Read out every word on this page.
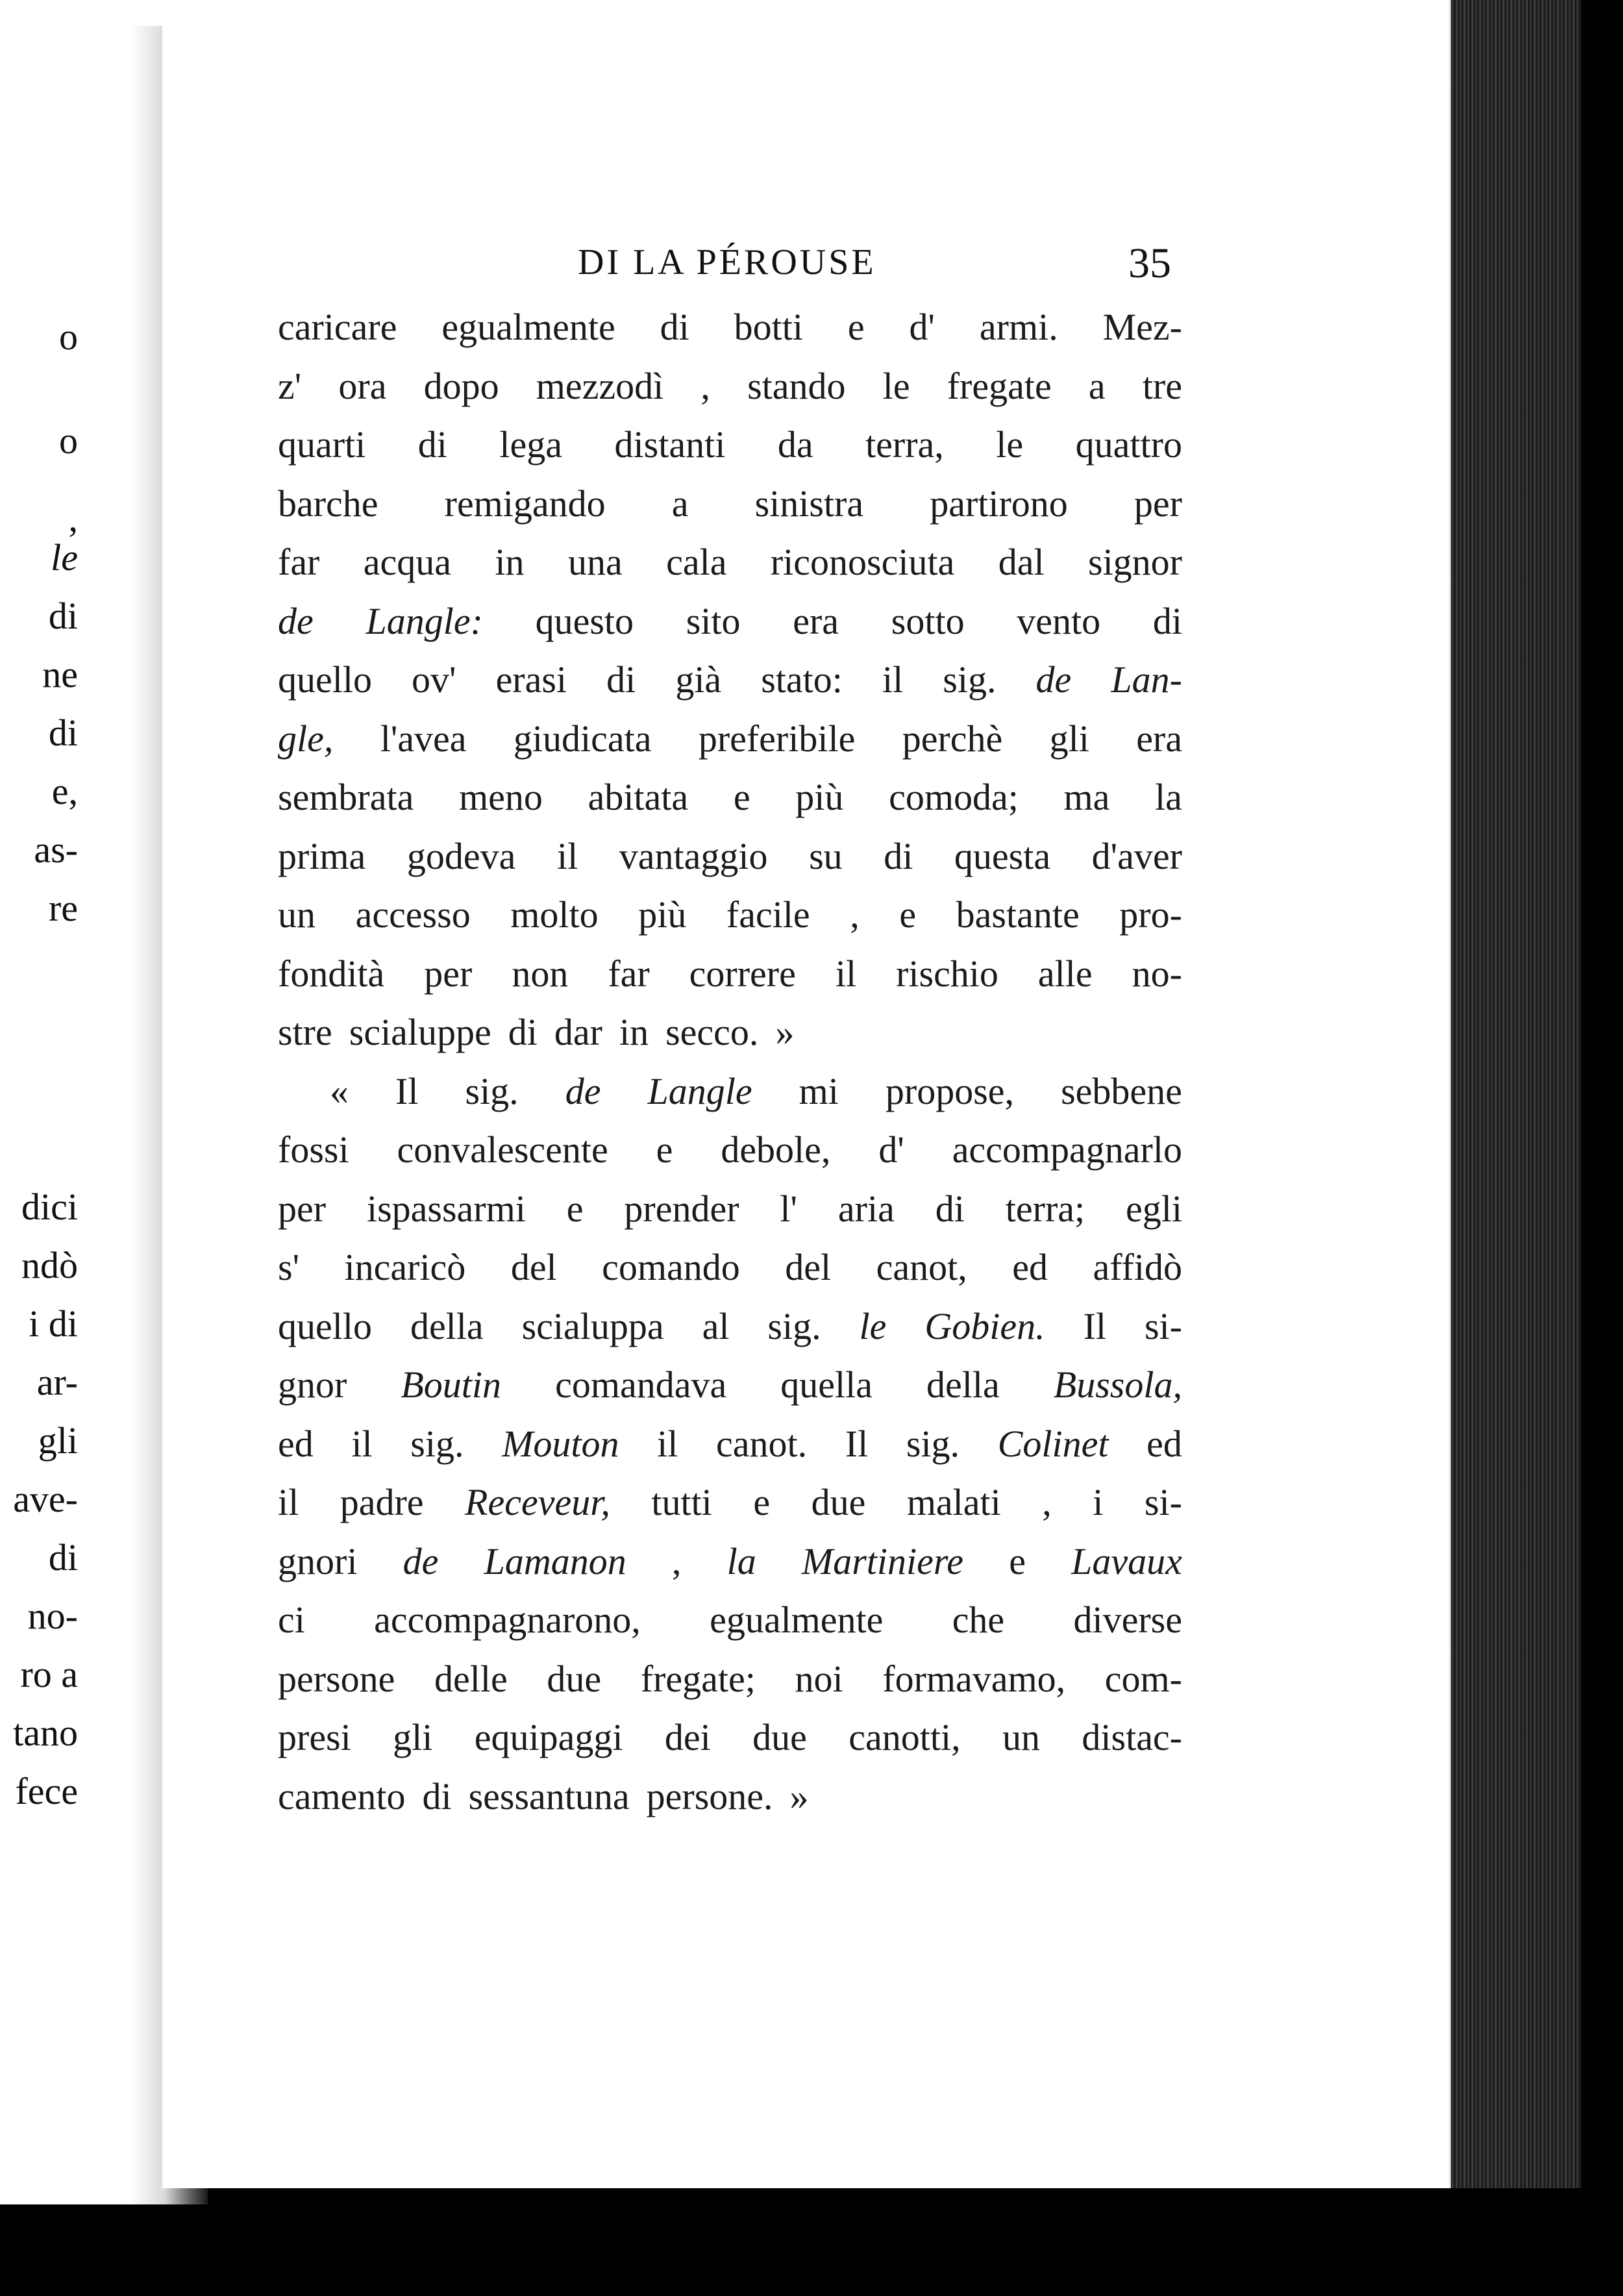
o
o
,
le
di
ne
di
e,
as-
re
dici
ndò
i di
ar-
gli
ave-
di
no-
ro a
tano
fece
DI LA PÉROUSE	35
caricare egualmente di botti e d' armi. Mez-
z' ora dopo mezzodì , stando le fregate a tre
quarti di lega distanti da terra, le quattro
barche remigando a sinistra partirono per
far acqua in una cala riconosciuta dal signor
de Langle: questo sito era sotto vento di
quello ov' erasi di già stato: il sig. de Lan-
gle, l'avea giudicata preferibile perchè gli era
sembrata meno abitata e più comoda; ma la
prima godeva il vantaggio su di questa d'aver
un accesso molto più facile , e bastante pro-
fondità per non far correre il rischio alle no-
stre scialuppe di dar in secco. »
« Il sig. de Langle mi propose, sebbene
fossi convalescente e debole, d' accompagnarlo
per ispassarmi e prender l' aria di terra; egli
s' incaricò del comando del canot, ed affidò
quello della scialuppa al sig. le Gobien. Il si-
gnor Boutin comandava quella della Bussola,
ed il sig. Mouton il canot. Il sig. Colinet ed
il padre Receveur, tutti e due malati , i si-
gnori de Lamanon , la Martiniere e Lavaux
ci accompagnarono, egualmente che diverse
persone delle due fregate; noi formavamo, com-
presi gli equipaggi dei due canotti, un distac-
camento di sessantuna persone. »
